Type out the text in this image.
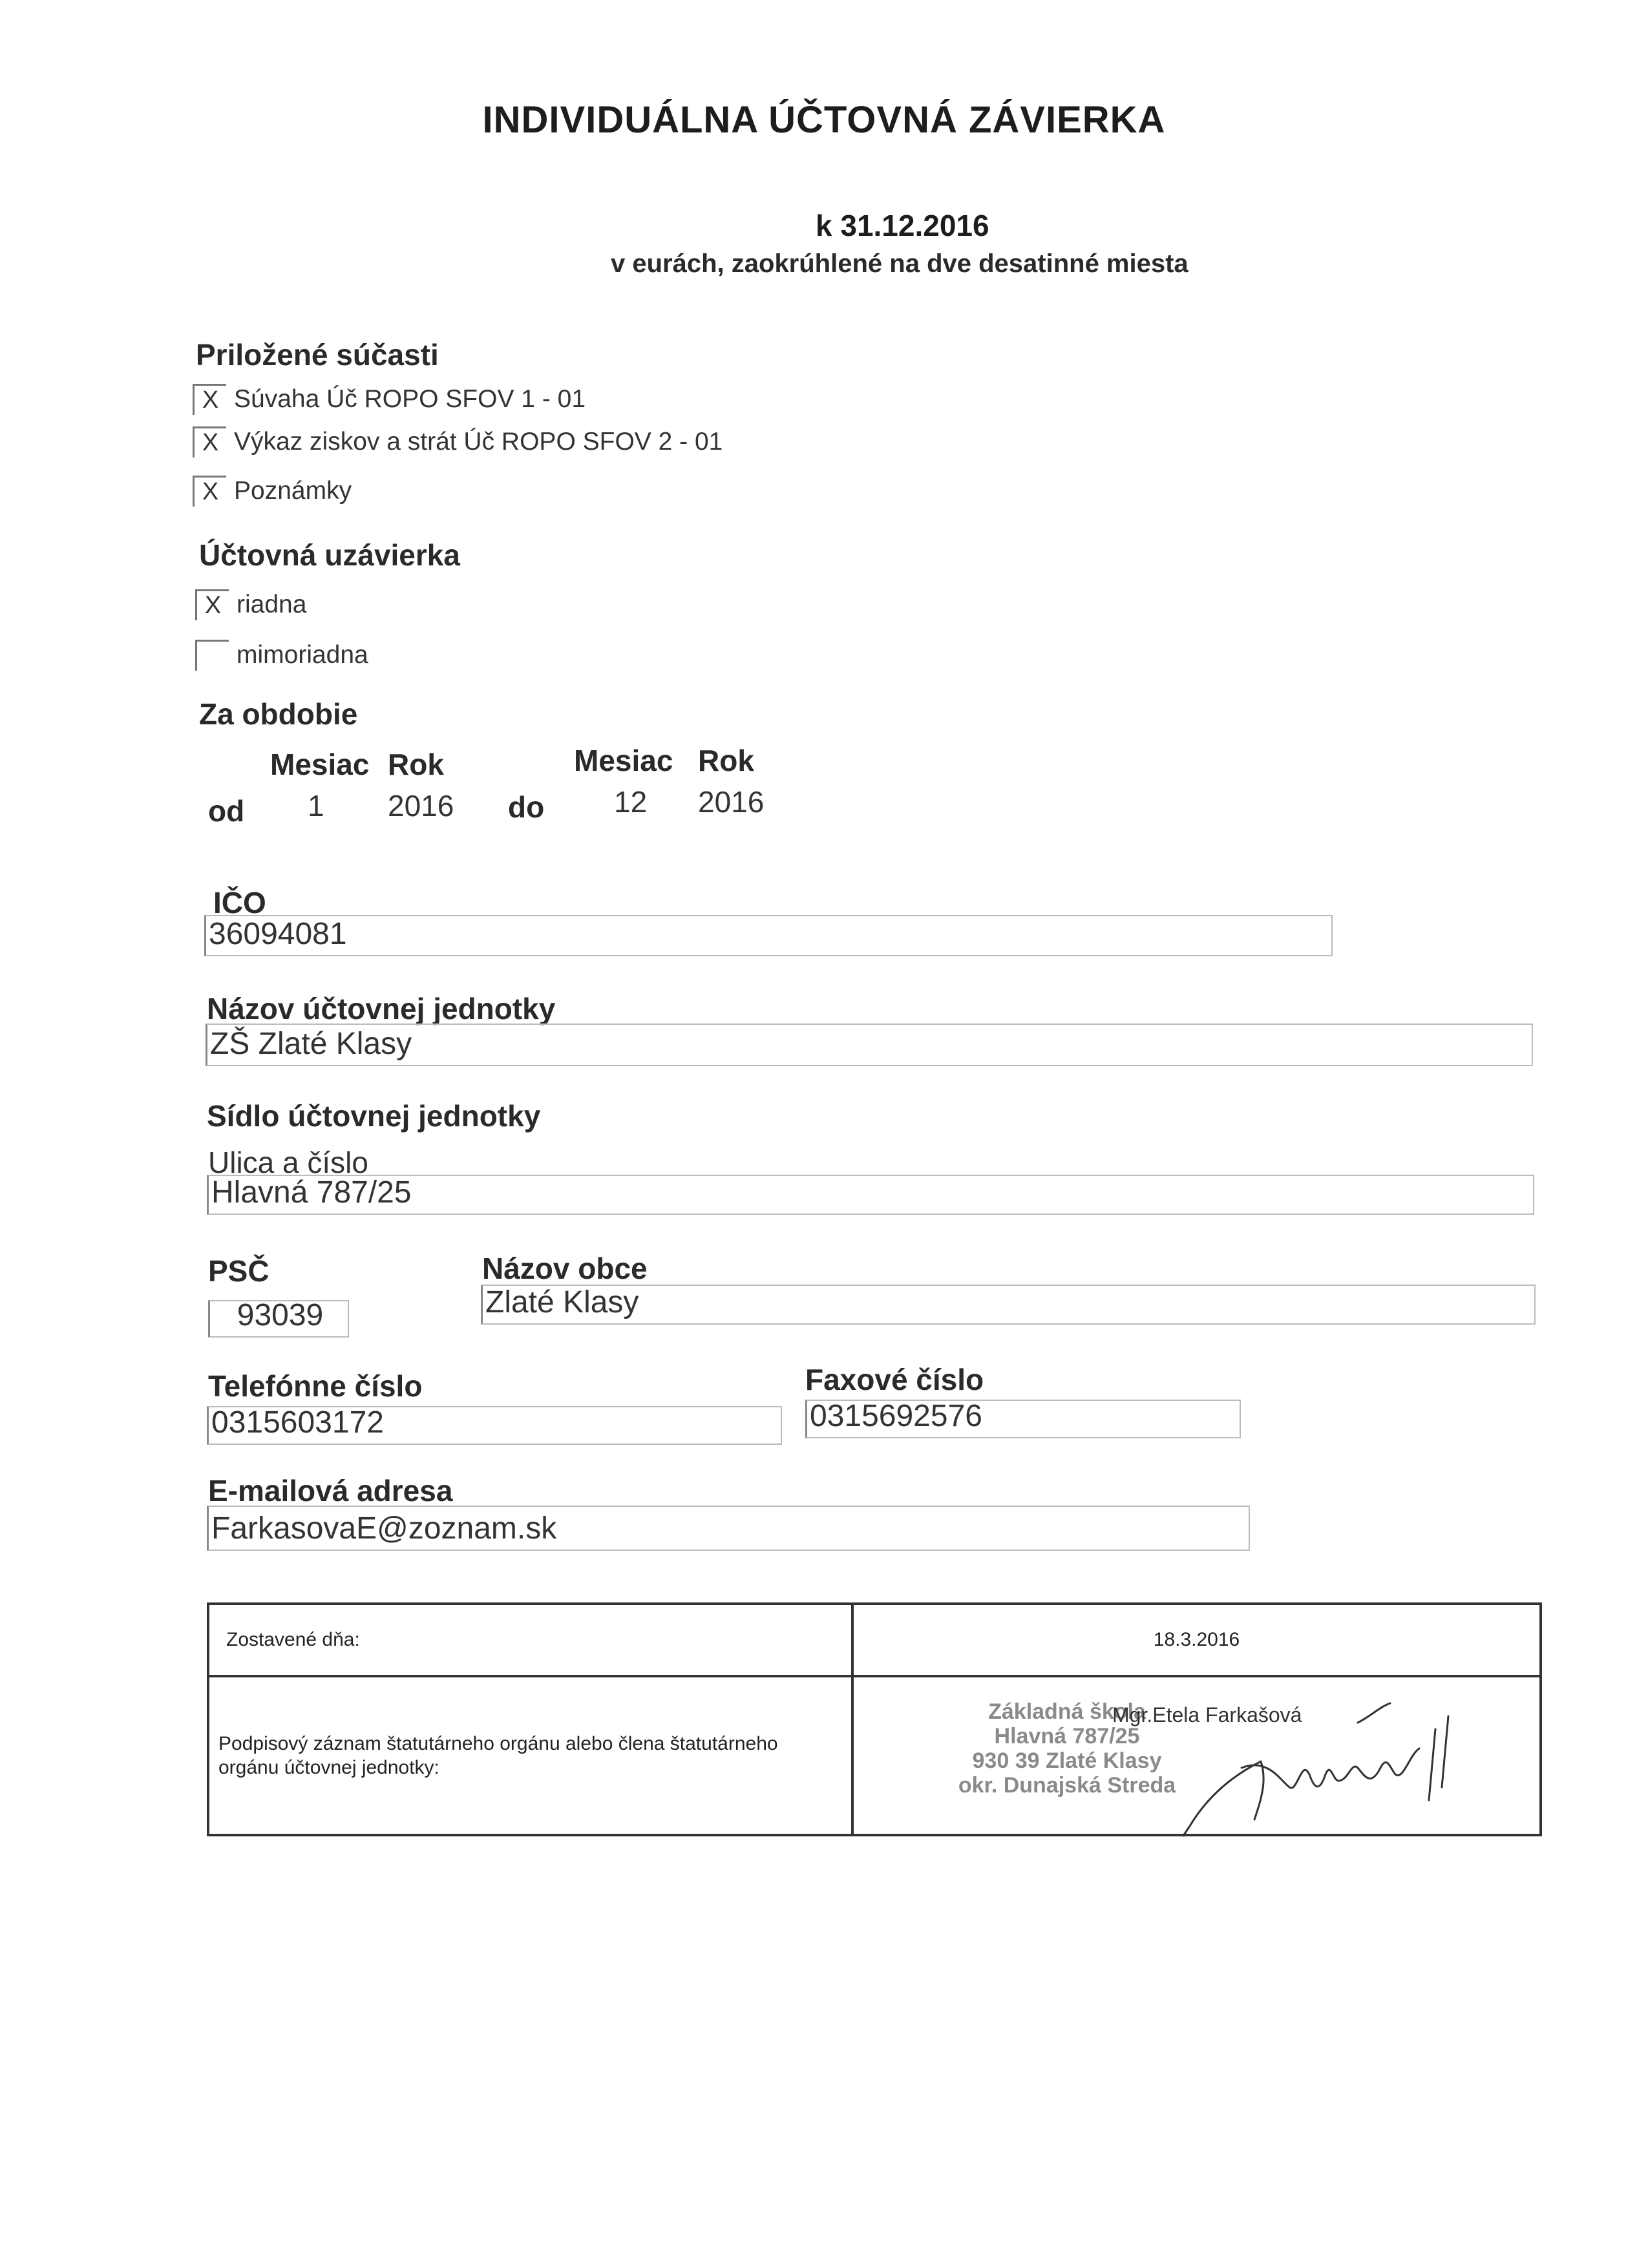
INDIVIDUÁLNA ÚČTOVNÁ ZÁVIERKA
k 31.12.2016
v eurách, zaokrúhlené na dve desatinné miesta
Priložené súčasti
X Súvaha Úč ROPO SFOV 1 - 01
X Výkaz ziskov a strát Úč ROPO SFOV 2 - 01
X Poznámky
Účtovná uzávierka
X riadna
mimoriadna
Za obdobie
Mesiac Rok	Mesiac Rok
od 1 2016 do 12 2016
IČO
36094081
Názov účtovnej jednotky
ZŠ Zlaté Klasy
Sídlo účtovnej jednotky
Ulica a číslo
Hlavná 787/25
PSČ
93039
Názov obce
Zlaté Klasy
Telefónne číslo
0315603172
Faxové číslo
0315692576
E-mailová adresa
FarkasovaE@zoznam.sk
Zostavené dňa:	18.3.2016
Podpisový záznam štatutárneho orgánu alebo člena štatutárneho orgánu účtovnej jednotky:	Základná škola
Hlavná 787/25
930 39 Zlaté Klasy
okr. Dunajská Streda
Mgr.Etela Farkašová
